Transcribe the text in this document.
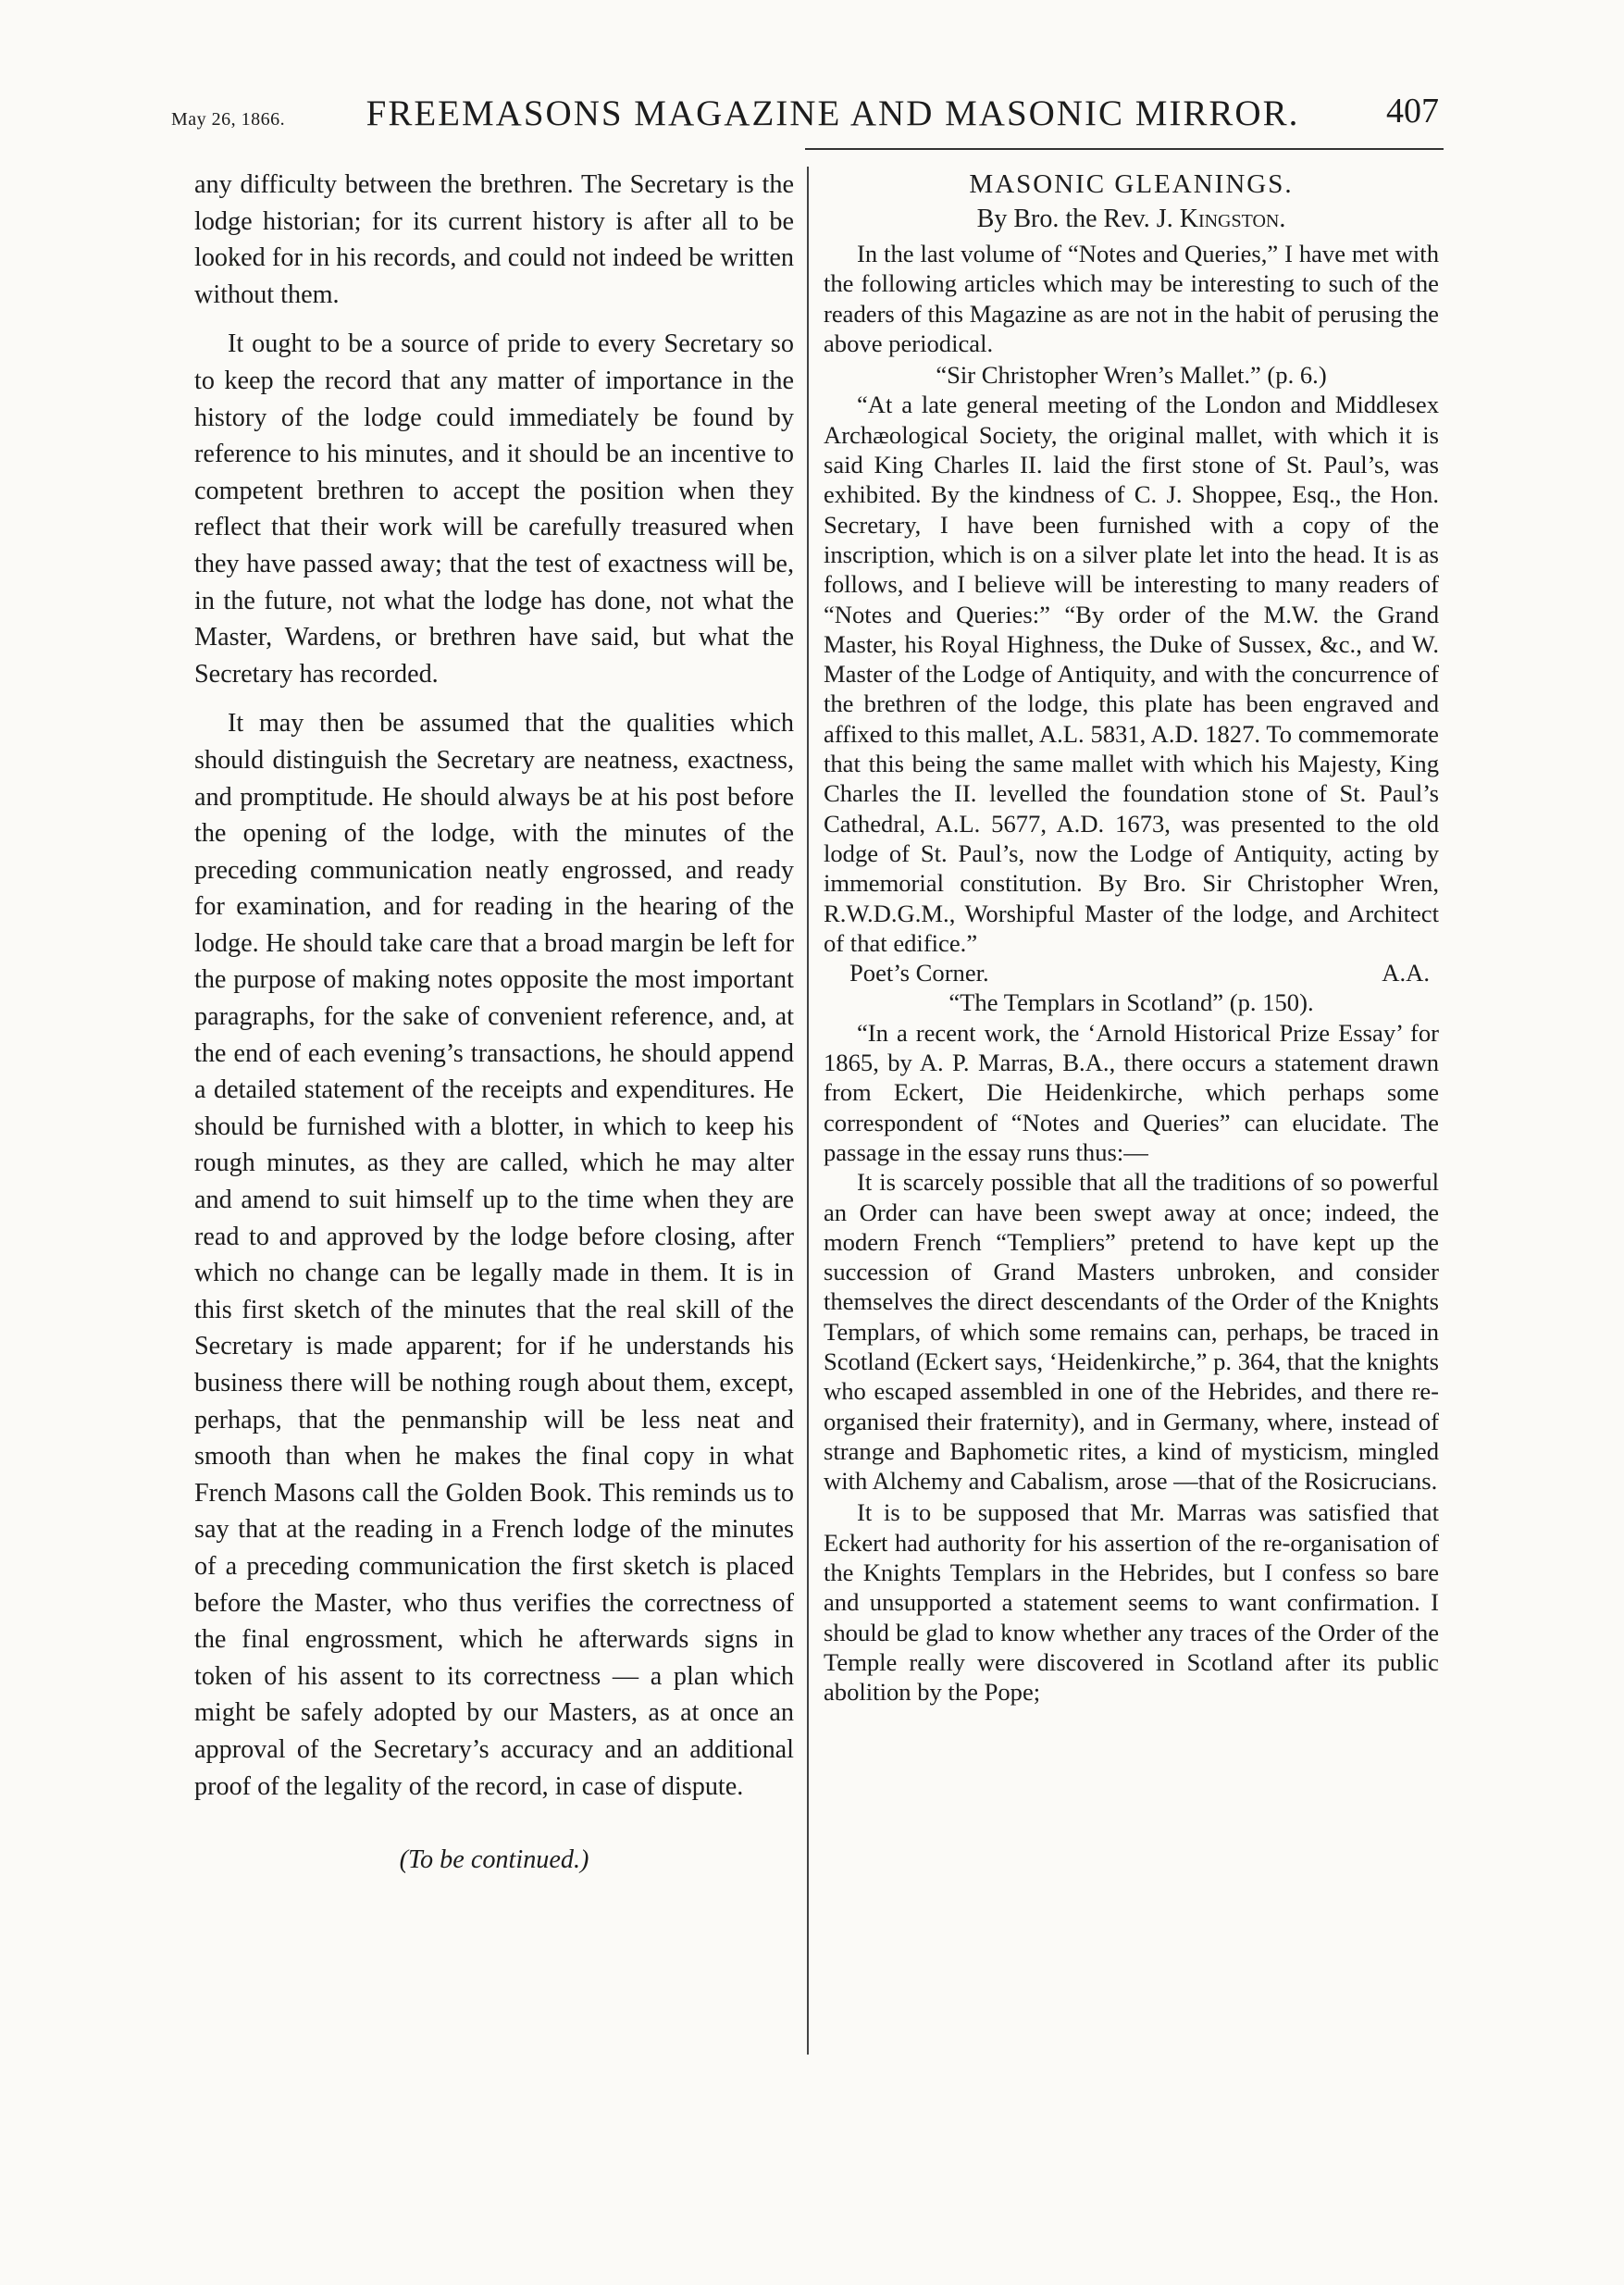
May 26, 1866.	FREEMASONS MAGAZINE AND MASONIC MIRROR.	407

any difficulty between the brethren. The Secretary is the lodge historian; for its current history is after all to be looked for in his records, and could not indeed be written without them.

It ought to be a source of pride to every Secretary so to keep the record that any matter of importance in the history of the lodge could immediately be found by reference to his minutes, and it should be an incentive to competent brethren to accept the position when they reflect that their work will be carefully treasured when they have passed away; that the test of exactness will be, in the future, not what the lodge has done, not what the Master, Wardens, or brethren have said, but what the Secretary has recorded.

It may then be assumed that the qualities which should distinguish the Secretary are neatness, exactness, and promptitude. He should always be at his post before the opening of the lodge, with the minutes of the preceding communication neatly engrossed, and ready for examination, and for reading in the hearing of the lodge. He should take care that a broad margin be left for the purpose of making notes opposite the most important paragraphs, for the sake of convenient reference, and, at the end of each evening’s transactions, he should append a detailed statement of the receipts and expenditures. He should be furnished with a blotter, in which to keep his rough minutes, as they are called, which he may alter and amend to suit himself up to the time when they are read to and approved by the lodge before closing, after which no change can be legally made in them. It is in this first sketch of the minutes that the real skill of the Secretary is made apparent; for if he understands his business there will be nothing rough about them, except, perhaps, that the penmanship will be less neat and smooth than when he makes the final copy in what French Masons call the Golden Book. This reminds us to say that at the reading in a French lodge of the minutes of a preceding communication the first sketch is placed before the Master, who thus verifies the correctness of the final engrossment, which he afterwards signs in token of his assent to its correctness — a plan which might be safely adopted by our Masters, as at once an approval of the Secretary’s accuracy and an additional proof of the legality of the record, in case of dispute.

(To be continued.)

MASONIC GLEANINGS.

By Bro. the Rev. J. Kingston.

In the last volume of “Notes and Queries,” I have met with the following articles which may be interesting to such of the readers of this Magazine as are not in the habit of perusing the above periodical.

“Sir Christopher Wren’s Mallet.” (p. 6.)

“At a late general meeting of the London and Middlesex Archæological Society, the original mallet, with which it is said King Charles II. laid the first stone of St. Paul’s, was exhibited. By the kindness of C. J. Shoppee, Esq., the Hon. Secretary, I have been furnished with a copy of the inscription, which is on a silver plate let into the head. It is as follows, and I believe will be interesting to many readers of “Notes and Queries:” “By order of the M.W. the Grand Master, his Royal Highness, the Duke of Sussex, &c., and W. Master of the Lodge of Antiquity, and with the concurrence of the brethren of the lodge, this plate has been engraved and affixed to this mallet, A.L. 5831, A.D. 1827. To commemorate that this being the same mallet with which his Majesty, King Charles the II. levelled the foundation stone of St. Paul’s Cathedral, A.L. 5677, A.D. 1673, was presented to the old lodge of St. Paul’s, now the Lodge of Antiquity, acting by immemorial constitution. By Bro. Sir Christopher Wren, R.W.D.G.M., Worshipful Master of the lodge, and Architect of that edifice.”

Poet’s Corner.	A.A.

“The Templars in Scotland” (p. 150).

“In a recent work, the ‘Arnold Historical Prize Essay’ for 1865, by A. P. Marras, B.A., there occurs a statement drawn from Eckert, Die Heidenkirche, which perhaps some correspondent of “Notes and Queries” can elucidate. The passage in the essay runs thus:—

It is scarcely possible that all the traditions of so powerful an Order can have been swept away at once; indeed, the modern French “Templiers” pretend to have kept up the succession of Grand Masters unbroken, and consider themselves the direct descendants of the Order of the Knights Templars, of which some remains can, perhaps, be traced in Scotland (Eckert says, ‘Heidenkirche,” p. 364, that the knights who escaped assembled in one of the Hebrides, and there re-organised their fraternity), and in Germany, where, instead of strange and Baphometic rites, a kind of mysticism, mingled with Alchemy and Cabalism, arose —that of the Rosicrucians.

It is to be supposed that Mr. Marras was satisfied that Eckert had authority for his assertion of the re-organisation of the Knights Templars in the Hebrides, but I confess so bare and unsupported a statement seems to want confirmation. I should be glad to know whether any traces of the Order of the Temple really were discovered in Scotland after its public abolition by the Pope;
